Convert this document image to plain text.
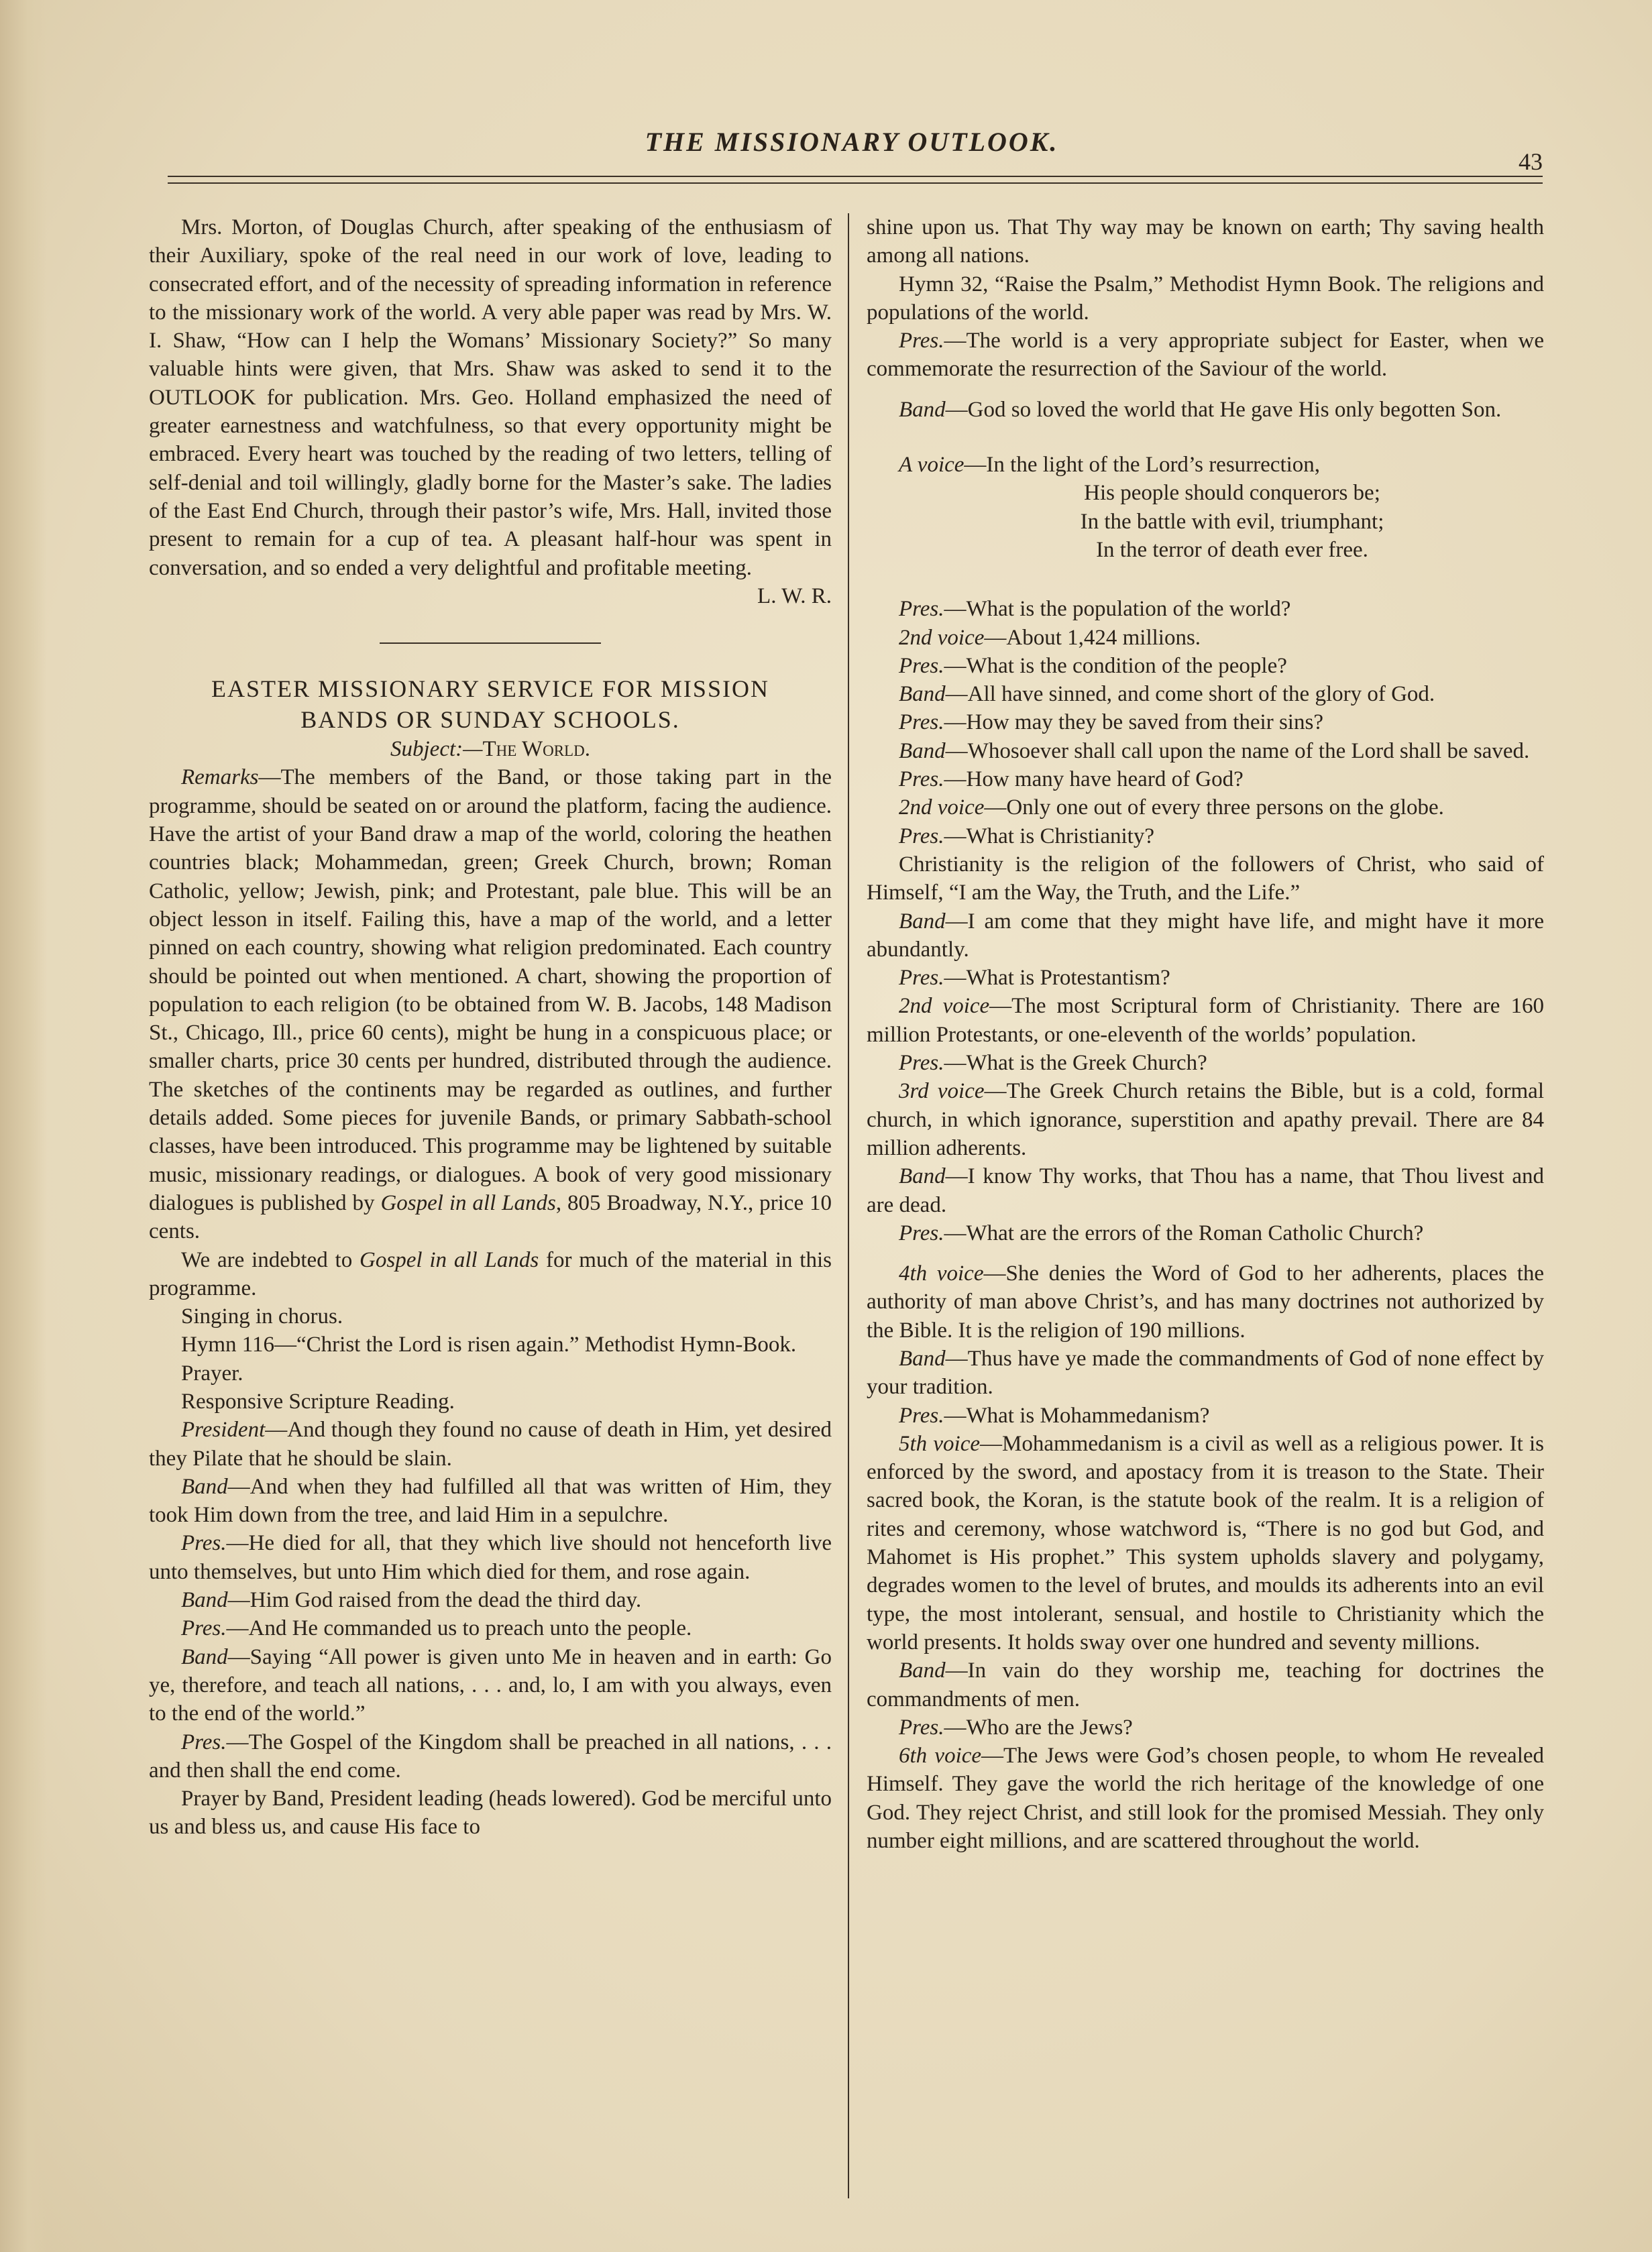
THE MISSIONARY OUTLOOK.
43

Mrs. Morton, of Douglas Church, after speaking of the enthusiasm of their Auxiliary, spoke of the real need in our work of love, leading to consecrated effort, and of the necessity of spreading information in reference to the missionary work of the world. A very able paper was read by Mrs. W. I. Shaw, “How can I help the Womans’ Missionary Society?” So many valuable hints were given, that Mrs. Shaw was asked to send it to the OUTLOOK for publication. Mrs. Geo. Holland emphasized the need of greater earnestness and watchfulness, so that every opportunity might be embraced. Every heart was touched by the reading of two letters, telling of self-denial and toil willingly, gladly borne for the Master’s sake. The ladies of the East End Church, through their pastor’s wife, Mrs. Hall, invited those present to remain for a cup of tea. A pleasant half-hour was spent in conversation, and so ended a very delightful and profitable meeting.

L. W. R.

EASTER MISSIONARY SERVICE FOR MISSION
BANDS OR SUNDAY SCHOOLS.

Subject:—The World.

Remarks—The members of the Band, or those taking part in the programme, should be seated on or around the platform, facing the audience. Have the artist of your Band draw a map of the world, coloring the heathen countries black; Mohammedan, green; Greek Church, brown; Roman Catholic, yellow; Jewish, pink; and Protestant, pale blue. This will be an object lesson in itself. Failing this, have a map of the world, and a letter pinned on each country, showing what religion predominated. Each country should be pointed out when mentioned. A chart, showing the proportion of population to each religion (to be obtained from W. B. Jacobs, 148 Madison St., Chicago, Ill., price 60 cents), might be hung in a conspicuous place; or smaller charts, price 30 cents per hundred, distributed through the audience. The sketches of the continents may be regarded as outlines, and further details added. Some pieces for juvenile Bands, or primary Sabbath-school classes, have been introduced. This programme may be lightened by suitable music, missionary readings, or dialogues. A book of very good missionary dialogues is published by Gospel in all Lands, 805 Broadway, N.Y., price 10 cents.

We are indebted to Gospel in all Lands for much of the material in this programme.

Singing in chorus.

Hymn 116—“Christ the Lord is risen again.” Methodist Hymn-Book.

Prayer.

Responsive Scripture Reading.

President—And though they found no cause of death in Him, yet desired they Pilate that he should be slain.

Band—And when they had fulfilled all that was written of Him, they took Him down from the tree, and laid Him in a sepulchre.

Pres.—He died for all, that they which live should not henceforth live unto themselves, but unto Him which died for them, and rose again.

Band—Him God raised from the dead the third day.

Pres.—And He commanded us to preach unto the people.

Band—Saying “All power is given unto Me in heaven and in earth: Go ye, therefore, and teach all nations, . . . and, lo, I am with you always, even to the end of the world.”

Pres.—The Gospel of the Kingdom shall be preached in all nations, . . . and then shall the end come.

Prayer by Band, President leading (heads lowered). God be merciful unto us and bless us, and cause His face to

shine upon us. That Thy way may be known on earth; Thy saving health among all nations.

Hymn 32, “Raise the Psalm,” Methodist Hymn Book. The religions and populations of the world.

Pres.—The world is a very appropriate subject for Easter, when we commemorate the resurrection of the Saviour of the world.

Band—God so loved the world that He gave His only begotten Son.

A voice—In the light of the Lord’s resurrection,

His people should conquerors be;

In the battle with evil, triumphant;

In the terror of death ever free.

Pres.—What is the population of the world?

2nd voice—About 1,424 millions.

Pres.—What is the condition of the people?

Band—All have sinned, and come short of the glory of God.

Pres.—How may they be saved from their sins?

Band—Whosoever shall call upon the name of the Lord shall be saved.

Pres.—How many have heard of God?

2nd voice—Only one out of every three persons on the globe.

Pres.—What is Christianity?

Christianity is the religion of the followers of Christ, who said of Himself, “I am the Way, the Truth, and the Life.”

Band—I am come that they might have life, and might have it more abundantly.

Pres.—What is Protestantism?

2nd voice—The most Scriptural form of Christianity. There are 160 million Protestants, or one-eleventh of the worlds’ population.

Pres.—What is the Greek Church?

3rd voice—The Greek Church retains the Bible, but is a cold, formal church, in which ignorance, superstition and apathy prevail. There are 84 million adherents.

Band—I know Thy works, that Thou has a name, that Thou livest and are dead.

Pres.—What are the errors of the Roman Catholic Church?

4th voice—She denies the Word of God to her adherents, places the authority of man above Christ’s, and has many doctrines not authorized by the Bible. It is the religion of 190 millions.

Band—Thus have ye made the commandments of God of none effect by your tradition.

Pres.—What is Mohammedanism?

5th voice—Mohammedanism is a civil as well as a religious power. It is enforced by the sword, and apostacy from it is treason to the State. Their sacred book, the Koran, is the statute book of the realm. It is a religion of rites and ceremony, whose watchword is, “There is no god but God, and Mahomet is His prophet.” This system upholds slavery and polygamy, degrades women to the level of brutes, and moulds its adherents into an evil type, the most intolerant, sensual, and hostile to Christianity which the world presents. It holds sway over one hundred and seventy millions.

Band—In vain do they worship me, teaching for doctrines the commandments of men.

Pres.—Who are the Jews?

6th voice—The Jews were God’s chosen people, to whom He revealed Himself. They gave the world the rich heritage of the knowledge of one God. They reject Christ, and still look for the promised Messiah. They only number eight millions, and are scattered throughout the world.
